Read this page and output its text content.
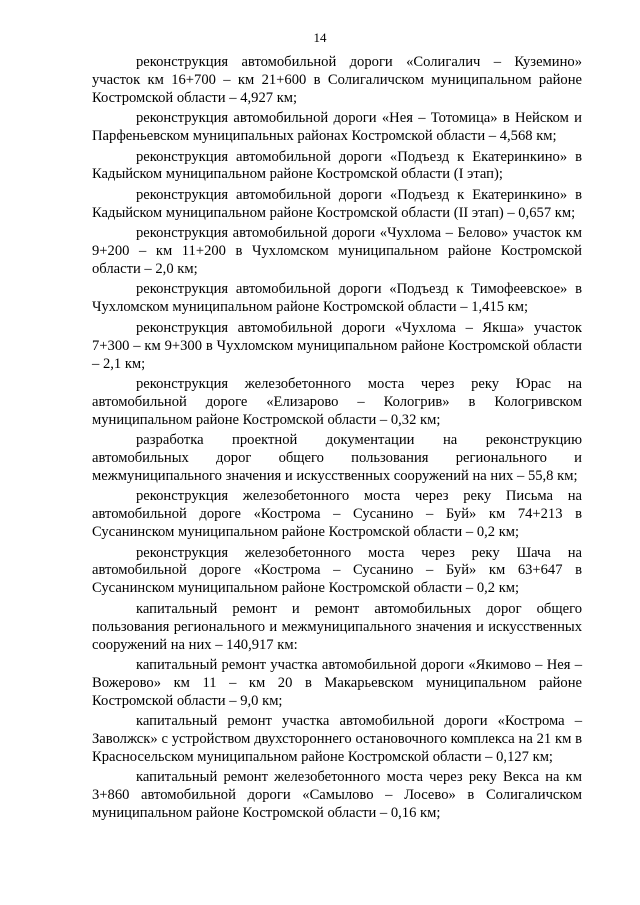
14

реконструкция автомобильной дороги «Солигалич – Куземино» участок км 16+700 – км 21+600 в Солигаличском муниципальном районе Костромской области – 4,927 км;

реконструкция автомобильной дороги «Нея – Тотомица» в Нейском и Парфеньевском муниципальных районах Костромской области – 4,568 км;

реконструкция автомобильной дороги «Подъезд к Екатеринкино» в Кадыйском муниципальном районе Костромской области (I этап);

реконструкция автомобильной дороги «Подъезд к Екатеринкино» в Кадыйском муниципальном районе Костромской области (II этап) – 0,657 км;

реконструкция автомобильной дороги «Чухлома – Белово» участок км 9+200 – км 11+200 в Чухломском муниципальном районе Костромской области – 2,0 км;

реконструкция автомобильной дороги «Подъезд к Тимофеевское» в Чухломском муниципальном районе Костромской области – 1,415 км;

реконструкция автомобильной дороги «Чухлома – Якша» участок 7+300 – км 9+300 в Чухломском муниципальном районе Костромской области – 2,1 км;

реконструкция железобетонного моста через реку Юрас на автомобильной дороге «Елизарово – Кологрив» в Кологривском муниципальном районе Костромской области – 0,32 км;

разработка проектной документации на реконструкцию автомобильных дорог общего пользования регионального и межмуниципального значения и искусственных сооружений на них – 55,8 км;

реконструкция железобетонного моста через реку Письма на автомобильной дороге «Кострома – Сусанино – Буй» км 74+213 в Сусанинском муниципальном районе Костромской области – 0,2 км;

реконструкция железобетонного моста через реку Шача на автомобильной дороге «Кострома – Сусанино – Буй» км 63+647 в Сусанинском муниципальном районе Костромской области – 0,2 км;

капитальный ремонт и ремонт автомобильных дорог общего пользования регионального и межмуниципального значения и искусственных сооружений на них – 140,917 км:

капитальный ремонт участка автомобильной дороги «Якимово – Нея – Вожерово» км 11 – км 20 в Макарьевском муниципальном районе Костромской области – 9,0 км;

капитальный ремонт участка автомобильной дороги «Кострома –Заволжск» с устройством двухстороннего остановочного комплекса на 21 км в Красносельском муниципальном районе Костромской области – 0,127 км;

капитальный ремонт железобетонного моста через реку Векса на км 3+860 автомобильной дороги «Самылово – Лосево» в Солигаличском муниципальном районе Костромской области – 0,16 км;
